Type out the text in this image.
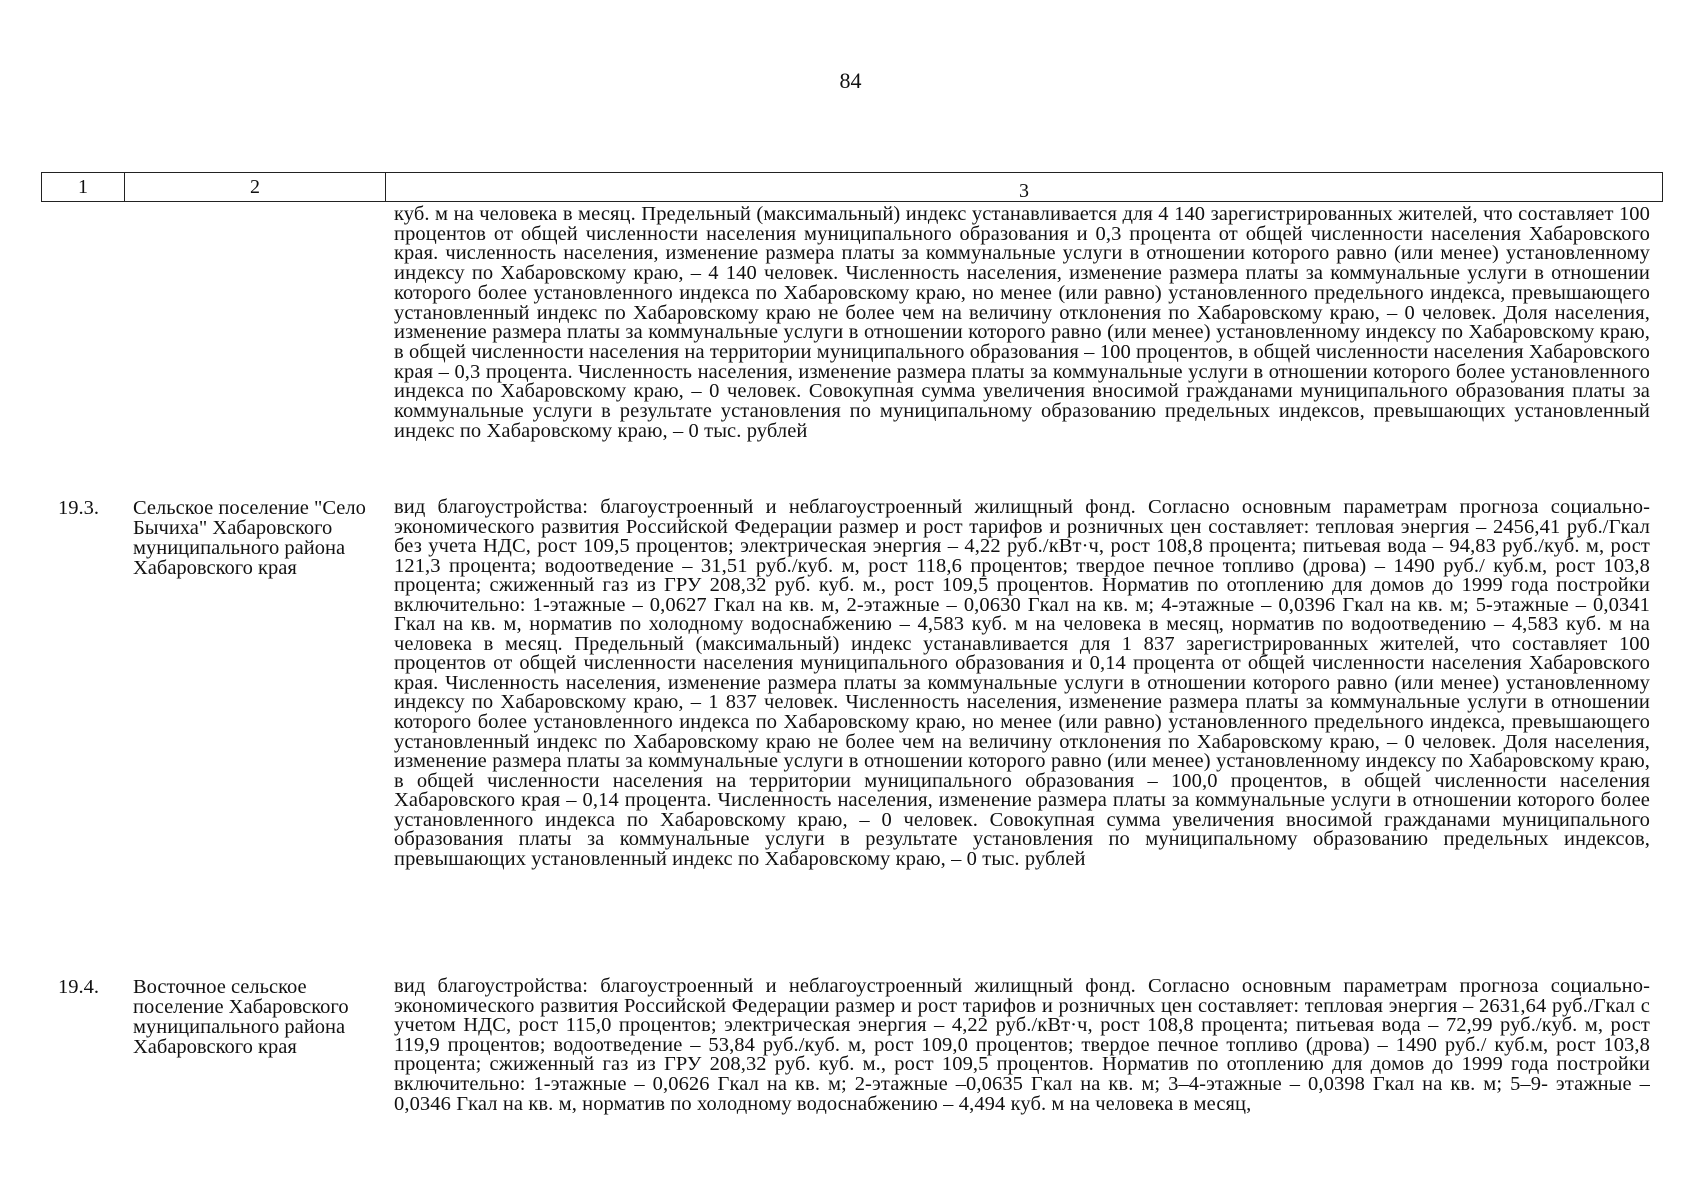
84
1	2	3
куб. м на человека в месяц. Предельный (максимальный) индекс устанавливается для 4 140 зарегистрированных жителей, что составляет 100 процентов от общей численности населения муниципального образования и 0,3 процента от общей численности населения Хабаровского края. численность населения, изменение размера платы за коммунальные услуги в отношении которого равно (или менее) установленному индексу по Хабаровскому краю, – 4 140 человек. Численность населения, изменение размера платы за коммунальные услуги в отношении которого более установленного индекса по Хабаровскому краю, но менее (или равно) установленного предельного индекса, превышающего установленный индекс по Хабаровскому краю не более чем на величину отклонения по Хабаровскому краю, – 0 человек. Доля населения, изменение размера платы за коммунальные услуги в отношении которого равно (или менее) установленному индексу по Хабаровскому краю, в общей численности населения на территории муниципального образования – 100 процентов, в общей численности населения Хабаровского края – 0,3 процента. Численность населения, изменение размера платы за коммунальные услуги в отношении которого более установленного индекса по Хабаровскому краю, – 0 человек. Совокупная сумма увеличения вносимой гражданами муниципального образования платы за коммунальные услуги в результате установления по муниципальному образованию предельных индексов, превышающих установленный индекс по Хабаровскому краю, – 0 тыс. рублей
19.3. Сельское поселение "Село Бычиха" Хабаровского муниципального района Хабаровского края
вид благоустройства: благоустроенный и неблагоустроенный жилищный фонд. Согласно основным параметрам прогноза социально-экономического развития Российской Федерации размер и рост тарифов и розничных цен составляет: тепловая энергия – 2456,41 руб./Гкал без учета НДС, рост 109,5 процентов; электрическая энергия – 4,22 руб./кВт·ч, рост 108,8 процента; питьевая вода – 94,83 руб./куб. м, рост 121,3 процента; водоотведение – 31,51 руб./куб. м, рост 118,6 процентов; твердое печное топливо (дрова) – 1490 руб./ куб.м, рост 103,8 процента; сжиженный газ из ГРУ 208,32 руб. куб. м., рост 109,5 процентов. Норматив по отоплению для домов до 1999 года постройки включительно: 1-этажные – 0,0627 Гкал на кв. м, 2-этажные – 0,0630 Гкал на кв. м; 4-этажные – 0,0396 Гкал на кв. м; 5-этажные – 0,0341 Гкал на кв. м, норматив по холодному водоснабжению – 4,583 куб. м на человека в месяц, норматив по водоотведению – 4,583 куб. м на человека в месяц. Предельный (максимальный) индекс устанавливается для 1 837 зарегистрированных жителей, что составляет 100 процентов от общей численности населения муниципального образования и 0,14 процента от общей численности населения Хабаровского края. Численность населения, изменение размера платы за коммунальные услуги в отношении которого равно (или менее) установленному индексу по Хабаровскому краю, – 1 837 человек. Численность населения, изменение размера платы за коммунальные услуги в отношении которого более установленного индекса по Хабаровскому краю, но менее (или равно) установленного предельного индекса, превышающего установленный индекс по Хабаровскому краю не более чем на величину отклонения по Хабаровскому краю, – 0 человек. Доля населения, изменение размера платы за коммунальные услуги в отношении которого равно (или менее) установленному индексу по Хабаровскому краю, в общей численности населения на территории муниципального образования – 100,0 процентов, в общей численности населения Хабаровского края – 0,14 процента. Численность населения, изменение размера платы за коммунальные услуги в отношении которого более установленного индекса по Хабаровскому краю, – 0 человек. Совокупная сумма увеличения вносимой гражданами муниципального образования платы за коммунальные услуги в результате установления по муниципальному образованию предельных индексов, превышающих установленный индекс по Хабаровскому краю, – 0 тыс. рублей
19.4. Восточное сельское поселение Хабаровского муниципального района Хабаровского края
вид благоустройства: благоустроенный и неблагоустроенный жилищный фонд. Согласно основным параметрам прогноза социально-экономического развития Российской Федерации размер и рост тарифов и розничных цен составляет: тепловая энергия – 2631,64 руб./Гкал с учетом НДС, рост 115,0 процентов; электрическая энергия – 4,22 руб./кВт·ч, рост 108,8 процента; питьевая вода – 72,99 руб./куб. м, рост 119,9 процентов; водоотведение – 53,84 руб./куб. м, рост 109,0 процентов; твердое печное топливо (дрова) – 1490 руб./ куб.м, рост 103,8 процента; сжиженный газ из ГРУ 208,32 руб. куб. м., рост 109,5 процентов. Норматив по отоплению для домов до 1999 года постройки включительно: 1-этажные – 0,0626 Гкал на кв. м; 2-этажные –0,0635 Гкал на кв. м; 3–4-этажные – 0,0398 Гкал на кв. м; 5–9- этажные – 0,0346 Гкал на кв. м, норматив по холодному водоснабжению – 4,494 куб. м на человека в месяц,
